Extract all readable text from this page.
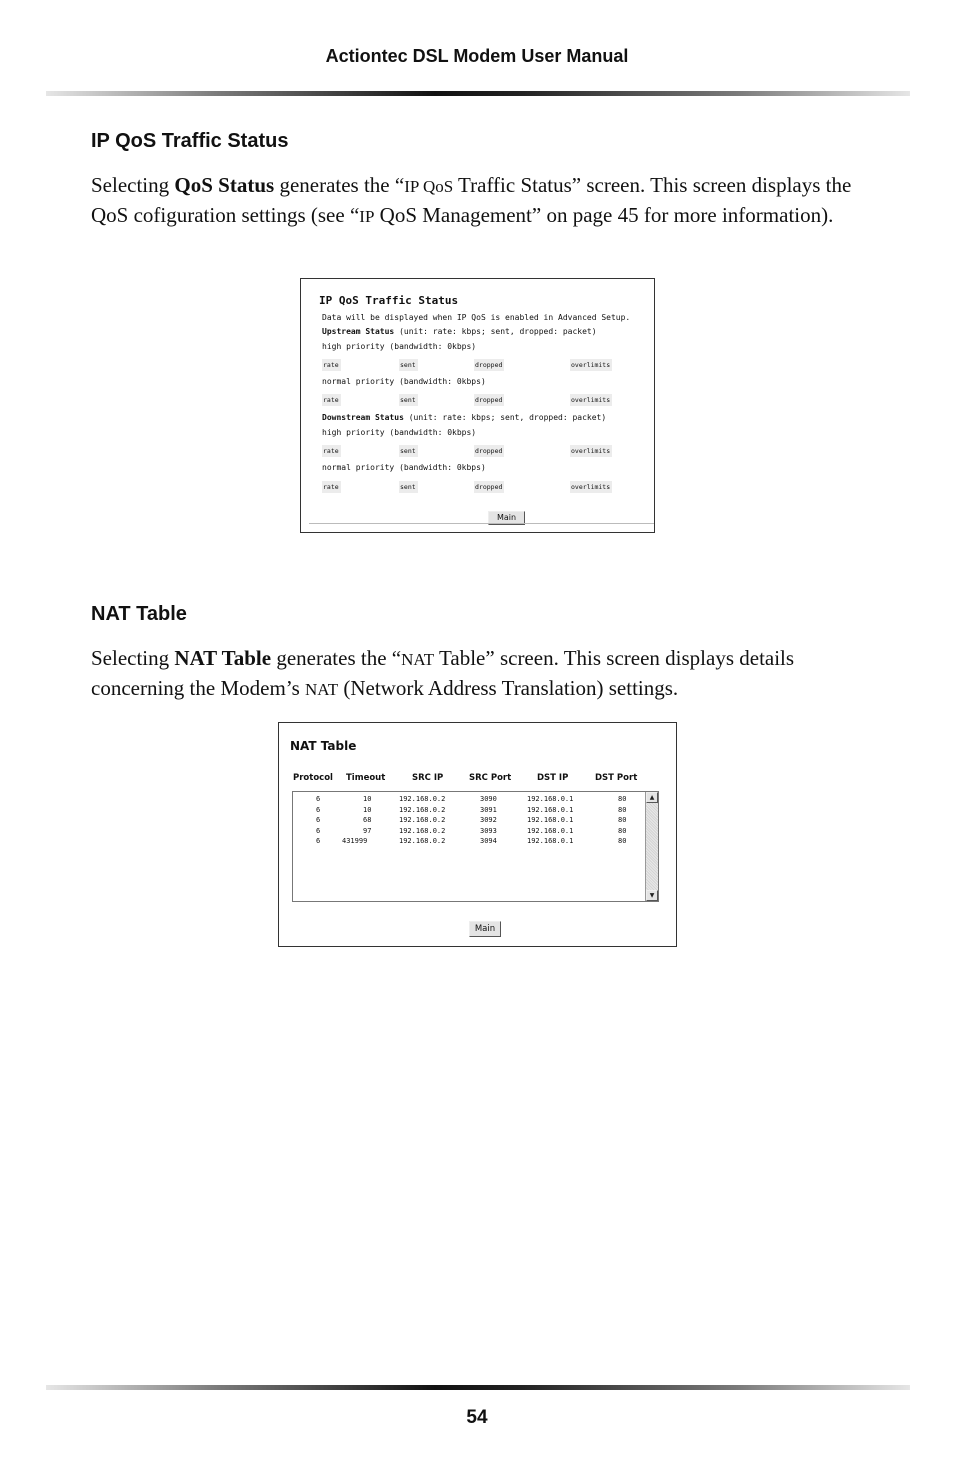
Actiontec DSL Modem User Manual
IP QoS Traffic Status

Selecting QoS Status generates the “IP QoS Traffic Status” screen. This screen displays the QoS cofiguration settings (see “IP QoS Management” on page 45 for more information).

IP QoS Traffic Status
Data will be displayed when IP QoS is enabled in Advanced Setup.
Upstream Status (unit: rate: kbps; sent, dropped: packet)
high priority (bandwidth: 0kbps)
rate	sent	dropped	overlimits
normal priority (bandwidth: 0kbps)
rate	sent	dropped	overlimits
Downstream Status (unit: rate: kbps; sent, dropped: packet)
high priority (bandwidth: 0kbps)
rate	sent	dropped	overlimits
normal priority (bandwidth: 0kbps)
rate	sent	dropped	overlimits
Main
NAT Table

Selecting NAT Table generates the “NAT Table” screen. This screen displays details concerning the Modem’s NAT (Network Address Translation) settings.

NAT Table
Protocol Timeout	SRC IP	SRC Port	DST IP	DST Port
6	10	192.168.0.2	3090	192.168.0.1	80
6	10	192.168.0.2	3091	192.168.0.1	80
6	68	192.168.0.2	3092	192.168.0.1	80
6	97	192.168.0.2	3093	192.168.0.1	80
6	431999	192.168.0.2	3094	192.168.0.1	80
▲
▼
Main
54
